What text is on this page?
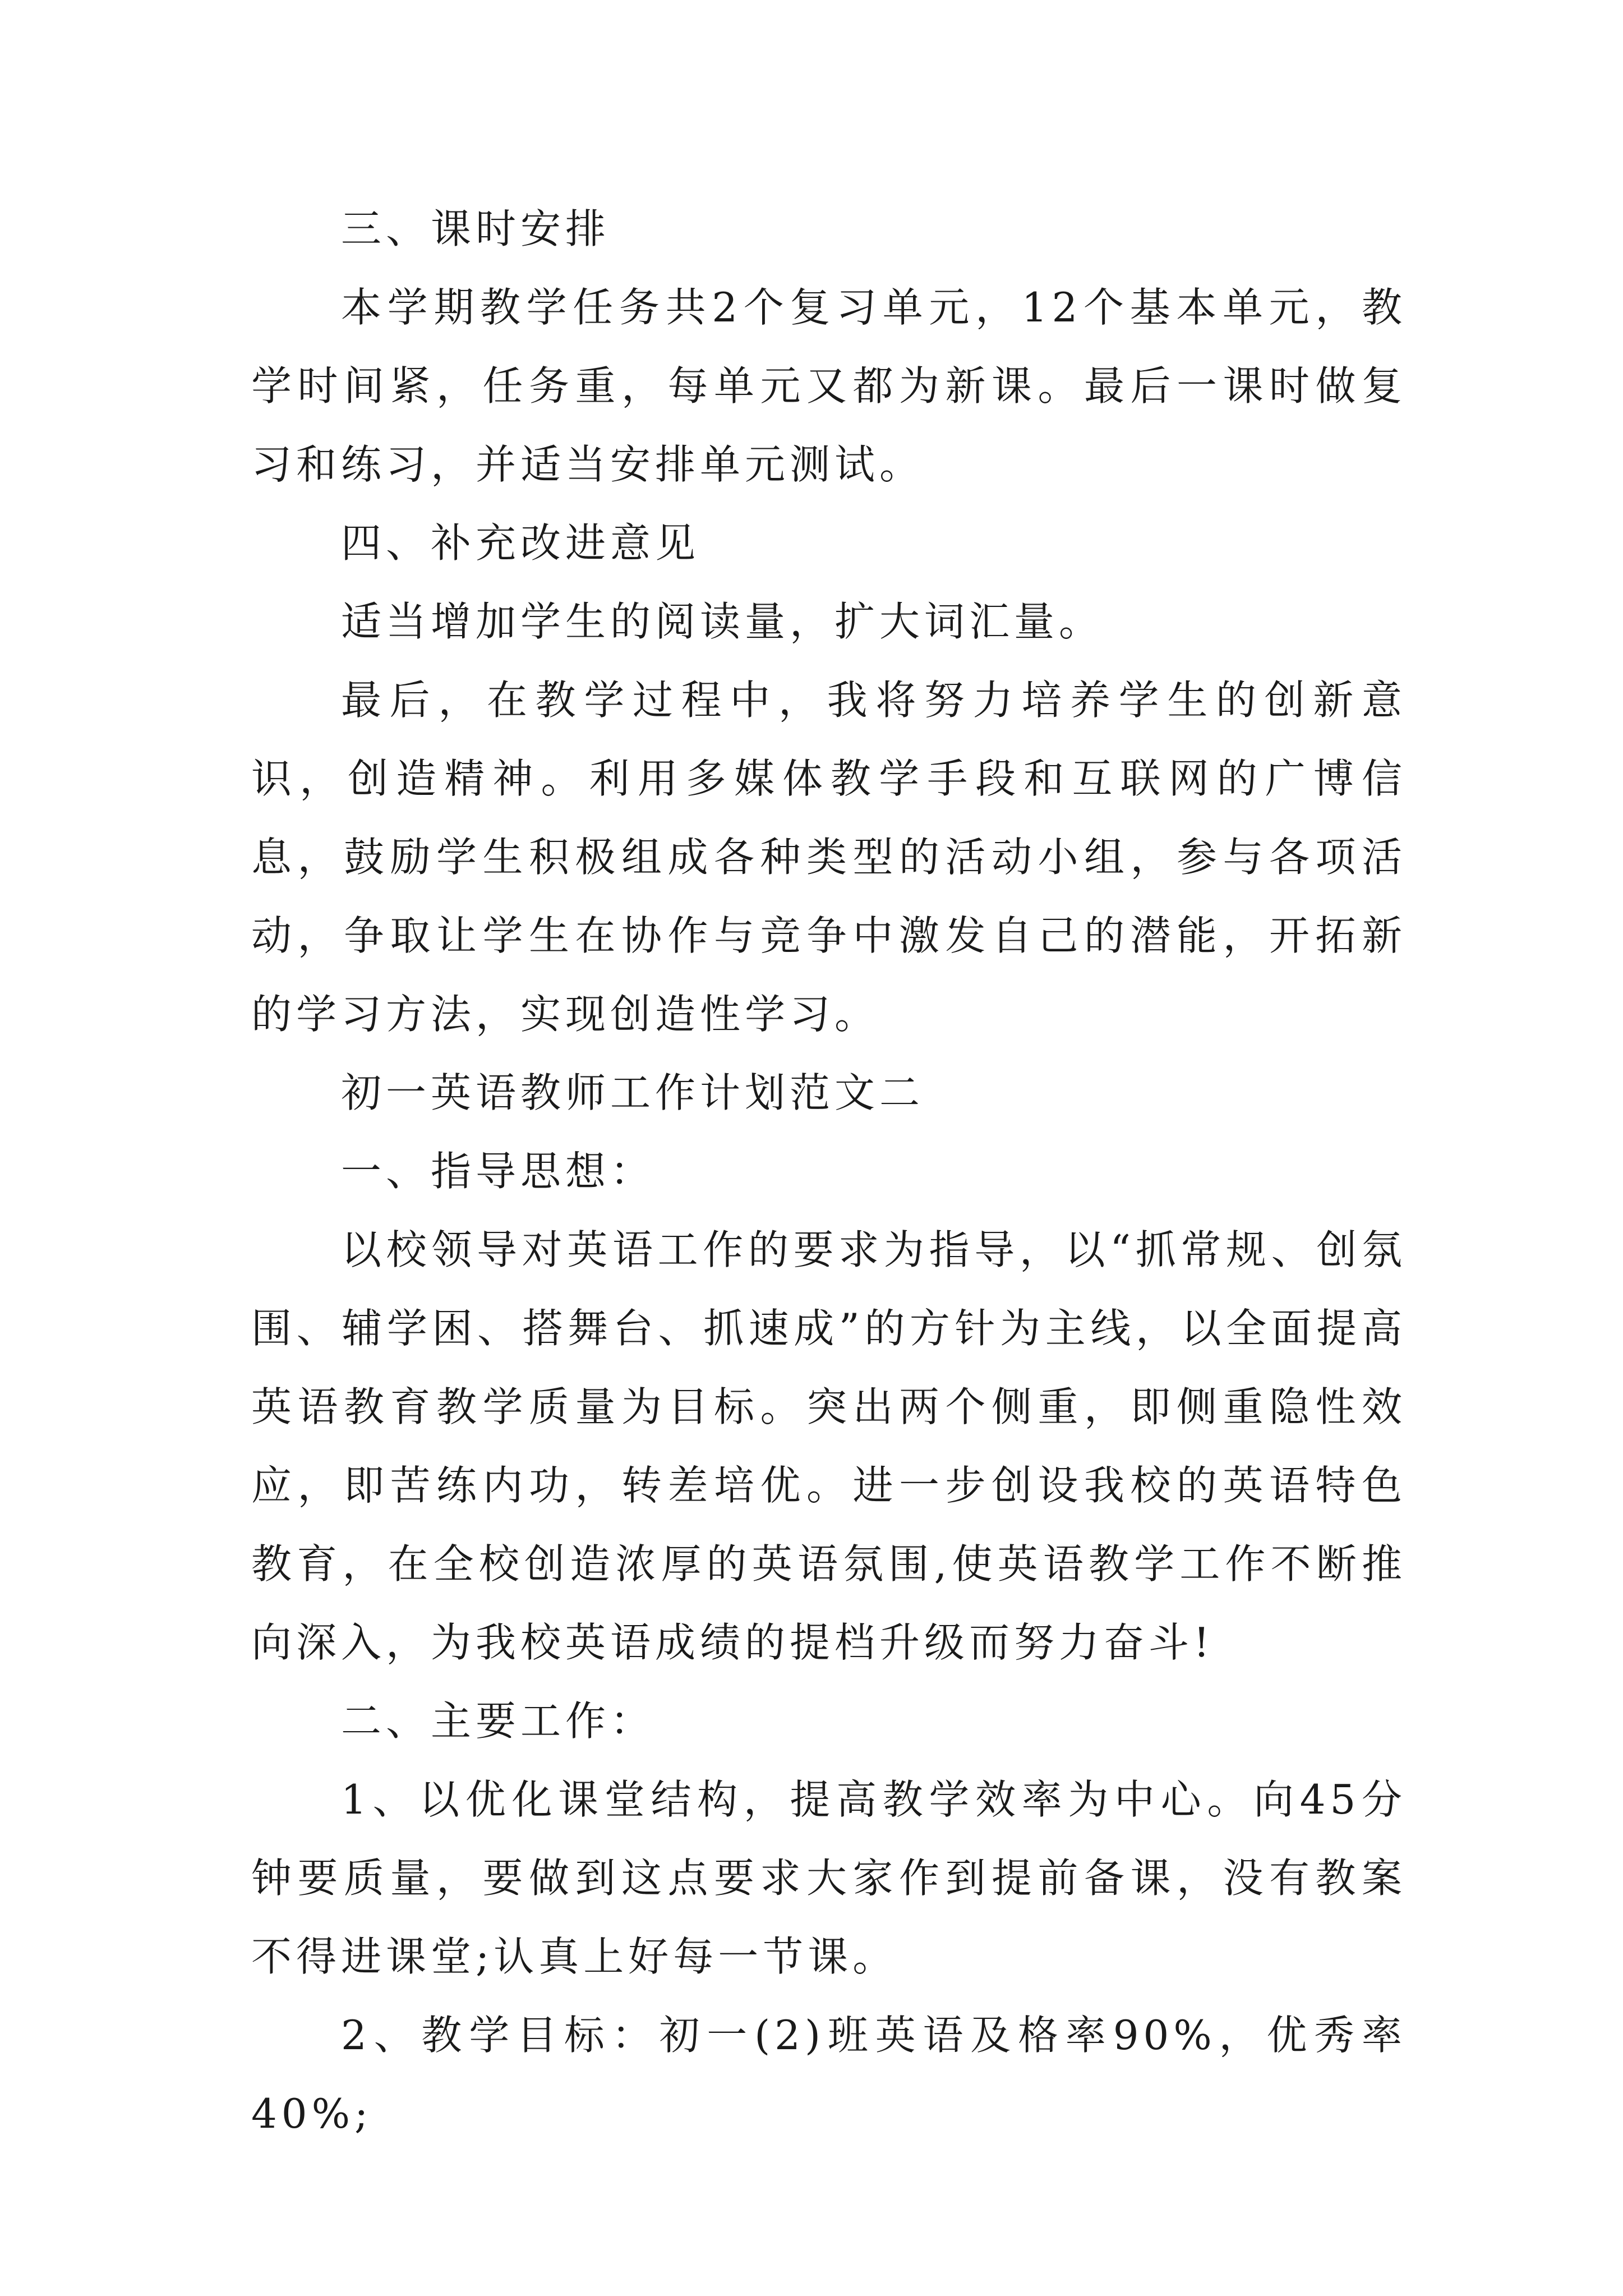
三、课时安排

本学期教学任务共2个复习单元，12个基本单元，教学时间紧，任务重，每单元又都为新课。最后一课时做复习和练习，并适当安排单元测试。

四、补充改进意见

适当增加学生的阅读量，扩大词汇量。

最后，在教学过程中，我将努力培养学生的创新意识，创造精神。利用多媒体教学手段和互联网的广博信息，鼓励学生积极组成各种类型的活动小组，参与各项活动，争取让学生在协作与竞争中激发自己的潜能，开拓新的学习方法，实现创造性学习。

初一英语教师工作计划范文二

一、指导思想：

以校领导对英语工作的要求为指导，以“抓常规、创氛围、辅学困、搭舞台、抓速成”的方针为主线，以全面提高英语教育教学质量为目标。突出两个侧重，即侧重隐性效应，即苦练内功，转差培优。进一步创设我校的英语特色教育，在全校创造浓厚的英语氛围,使英语教学工作不断推向深入，为我校英语成绩的提档升级而努力奋斗!

二、主要工作：

1、以优化课堂结构，提高教学效率为中心。向45分钟要质量，要做到这点要求大家作到提前备课，没有教案不得进课堂;认真上好每一节课。

2、教学目标：初一(2)班英语及格率90%，优秀率40%;
